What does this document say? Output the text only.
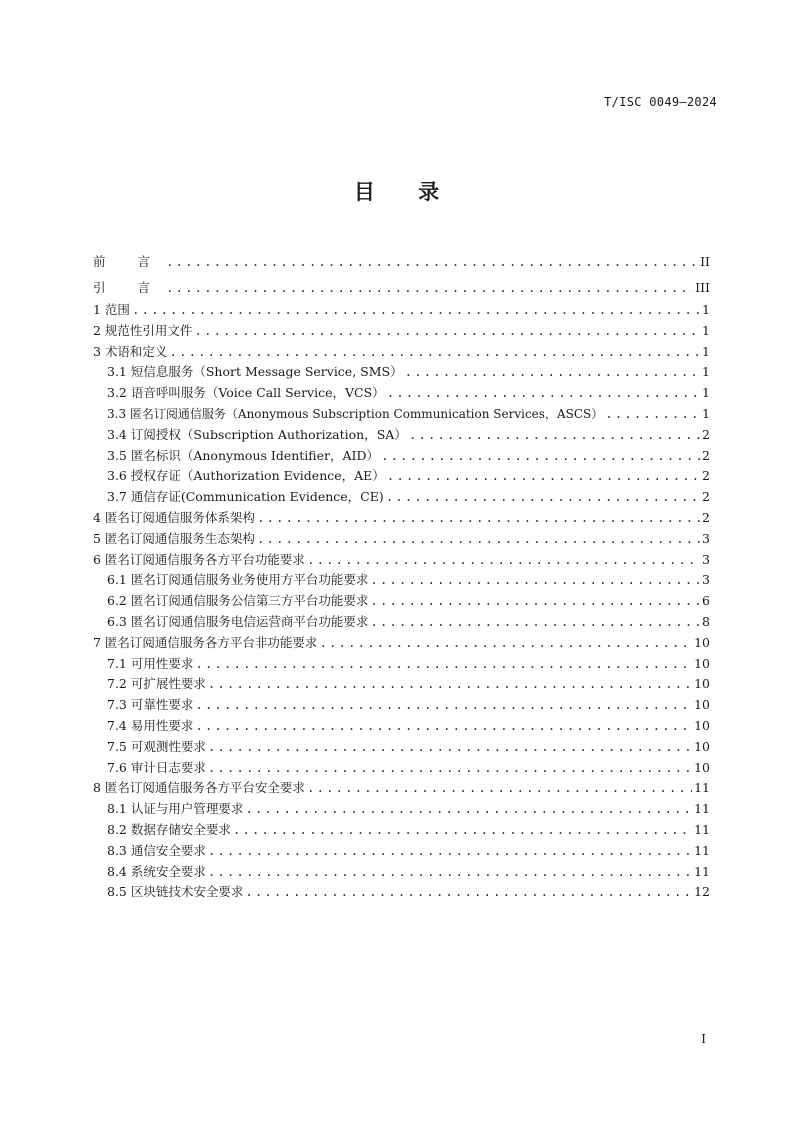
T/ISC 0049—2024
目 录
前 言 .....	II
引 言 .....	III
1 范围 .....	1
2 规范性引用文件 .....	1
3 术语和定义 .....	1
3.1 短信息服务（Short Message Service, SMS） .....	1
3.2 语音呼叫服务（Voice Call Service，VCS） .....	1
3.3 匿名订阅通信服务（Anonymous Subscription Communication Services，ASCS） .....	1
3.4 订阅授权（Subscription Authorization，SA） .....	2
3.5 匿名标识（Anonymous Identifier，AID） .....	2
3.6 授权存证（Authorization Evidence，AE） .....	2
3.7 通信存证(Communication Evidence，CE) .....	2
4 匿名订阅通信服务体系架构 .....	2
5 匿名订阅通信服务生态架构 .....	3
6 匿名订阅通信服务各方平台功能要求 .....	3
6.1 匿名订阅通信服务业务使用方平台功能要求 .....	3
6.2 匿名订阅通信服务公信第三方平台功能要求 .....	6
6.3 匿名订阅通信服务电信运营商平台功能要求 .....	8
7 匿名订阅通信服务各方平台非功能要求 .....	10
7.1 可用性要求 .....	10
7.2 可扩展性要求 .....	10
7.3 可靠性要求 .....	10
7.4 易用性要求 .....	10
7.5 可观测性要求 .....	10
7.6 审计日志要求 .....	10
8 匿名订阅通信服务各方平台安全要求 .....	11
8.1 认证与用户管理要求 .....	11
8.2 数据存储安全要求 .....	11
8.3 通信安全要求 .....	11
8.4 系统安全要求 .....	11
8.5 区块链技术安全要求 .....	12
I
